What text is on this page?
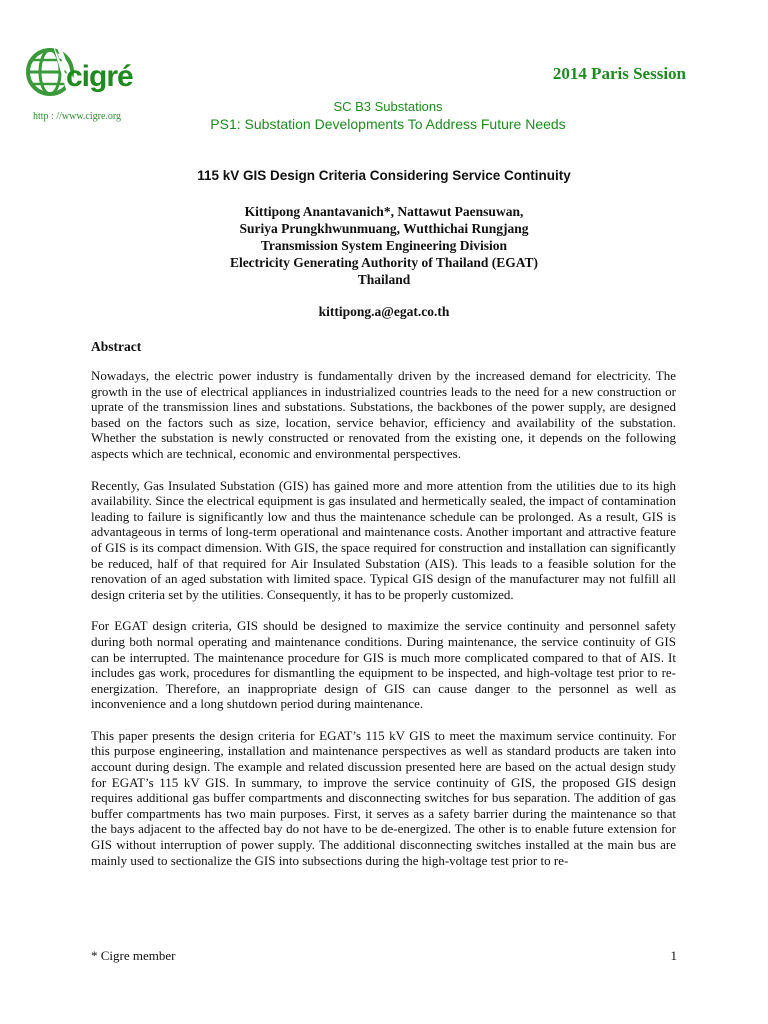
cigré
http : //www.cigre.org
2014 Paris Session
SC B3 Substations
PS1: Substation Developments To Address Future Needs
115 kV GIS Design Criteria Considering Service Continuity
Kittipong Anantavanich*, Nattawut Paensuwan,
Suriya Prungkhwunmuang, Wutthichai Rungjang
Transmission System Engineering Division
Electricity Generating Authority of Thailand (EGAT)
Thailand
kittipong.a@egat.co.th
Abstract

Nowadays, the electric power industry is fundamentally driven by the increased demand for electricity. The growth in the use of electrical appliances in industrialized countries leads to the need for a new construction or uprate of the transmission lines and substations. Substations, the backbones of the power supply, are designed based on the factors such as size, location, service behavior, efficiency and availability of the substation. Whether the substation is newly constructed or renovated from the existing one, it depends on the following aspects which are technical, economic and environmental perspectives.

Recently, Gas Insulated Substation (GIS) has gained more and more attention from the utilities due to its high availability. Since the electrical equipment is gas insulated and hermetically sealed, the impact of contamination leading to failure is significantly low and thus the maintenance schedule can be prolonged. As a result, GIS is advantageous in terms of long-term operational and maintenance costs. Another important and attractive feature of GIS is its compact dimension. With GIS, the space required for construction and installation can significantly be reduced, half of that required for Air Insulated Substation (AIS). This leads to a feasible solution for the renovation of an aged substation with limited space. Typical GIS design of the manufacturer may not fulfill all design criteria set by the utilities. Consequently, it has to be properly customized.

For EGAT design criteria, GIS should be designed to maximize the service continuity and personnel safety during both normal operating and maintenance conditions. During maintenance, the service continuity of GIS can be interrupted. The maintenance procedure for GIS is much more complicated compared to that of AIS. It includes gas work, procedures for dismantling the equipment to be inspected, and high-voltage test prior to re-energization. Therefore, an inappropriate design of GIS can cause danger to the personnel as well as inconvenience and a long shutdown period during maintenance.

This paper presents the design criteria for EGAT’s 115 kV GIS to meet the maximum service continuity. For this purpose engineering, installation and maintenance perspectives as well as standard products are taken into account during design. The example and related discussion presented here are based on the actual design study for EGAT’s 115 kV GIS. In summary, to improve the service continuity of GIS, the proposed GIS design requires additional gas buffer compartments and disconnecting switches for bus separation. The addition of gas buffer compartments has two main purposes. First, it serves as a safety barrier during the maintenance so that the bays adjacent to the affected bay do not have to be de-energized. The other is to enable future extension for GIS without interruption of power supply. The additional disconnecting switches installed at the main bus are mainly used to sectionalize the GIS into subsections during the high-voltage test prior to re-

* Cigre member	1
